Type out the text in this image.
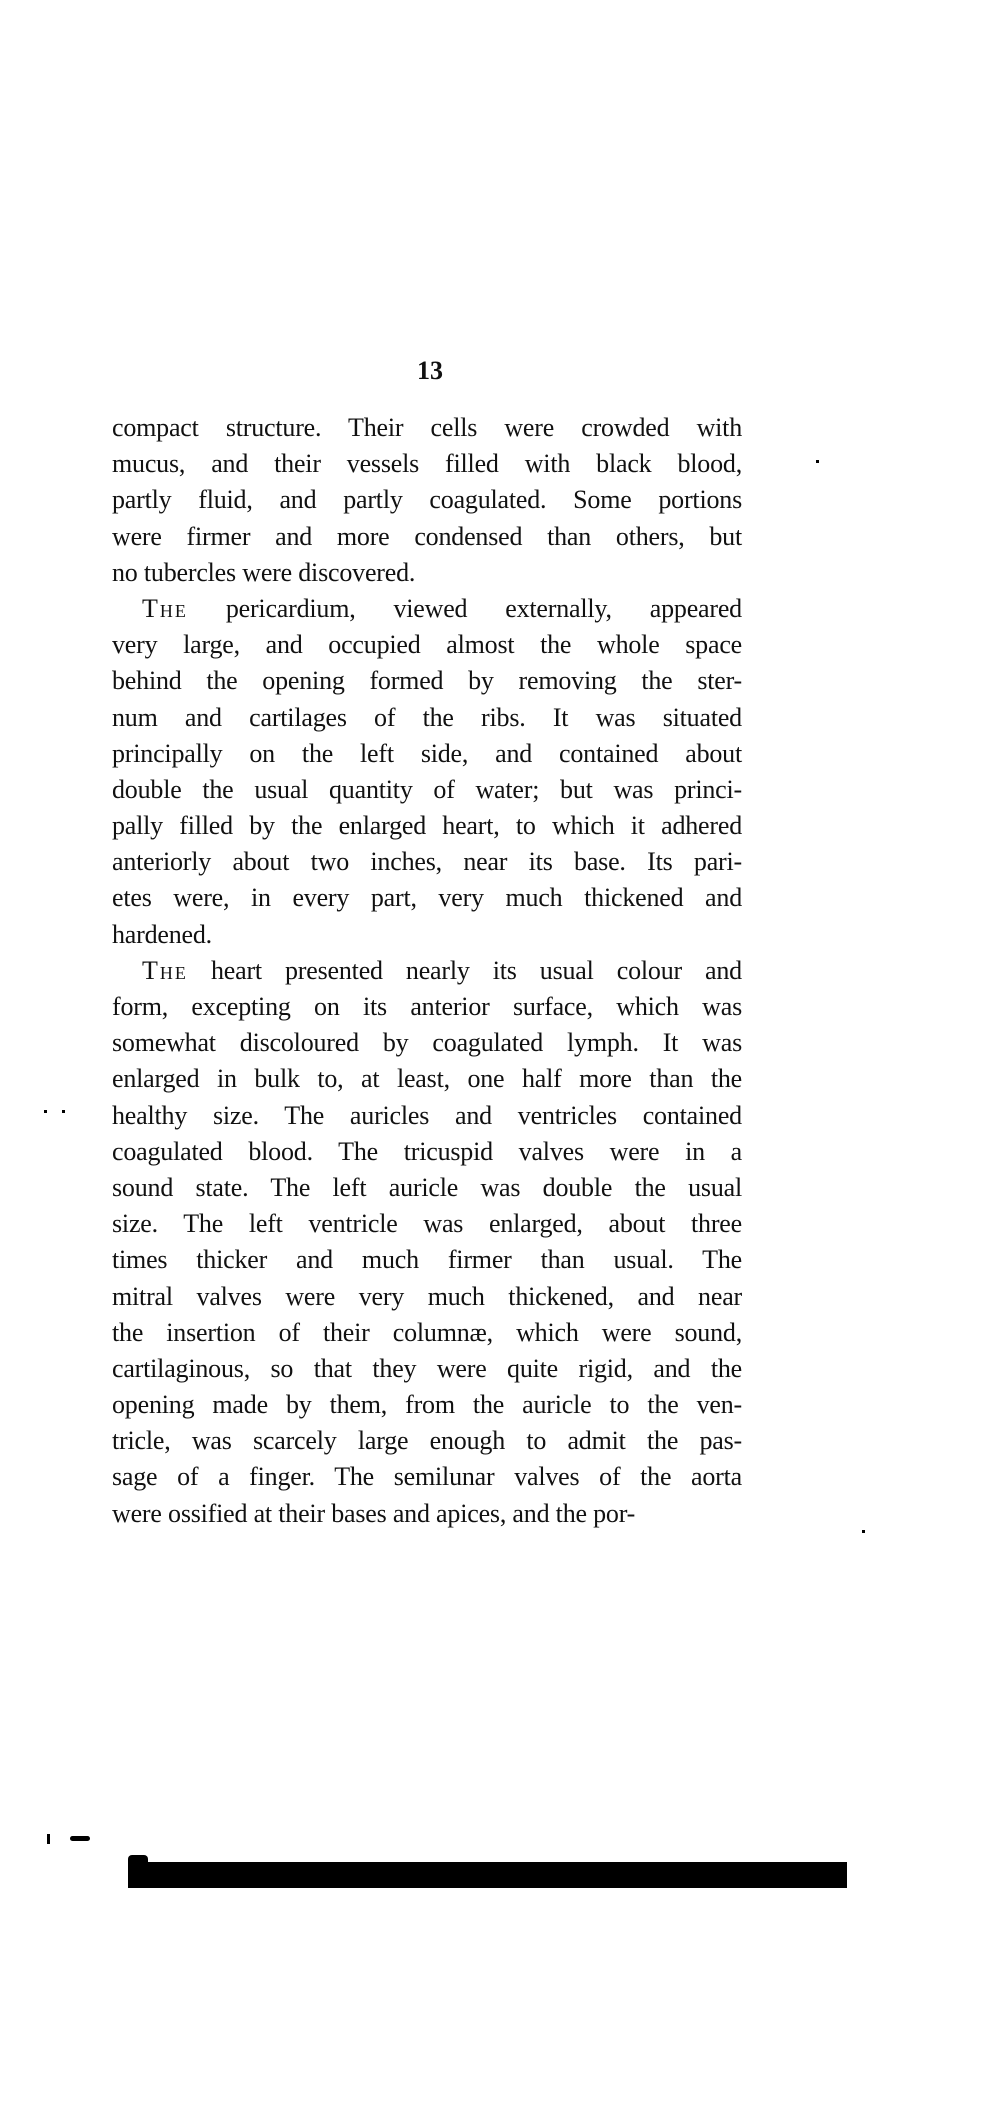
13
compact structure. Their cells were crowded with
mucus, and their vessels filled with black blood,
partly fluid, and partly coagulated. Some portions
were firmer and more condensed than others, but
no tubercles were discovered.
The pericardium, viewed externally, appeared
very large, and occupied almost the whole space
behind the opening formed by removing the ster-
num and cartilages of the ribs. It was situated
principally on the left side, and contained about
double the usual quantity of water; but was princi-
pally filled by the enlarged heart, to which it adhered
anteriorly about two inches, near its base. Its pari-
etes were, in every part, very much thickened and
hardened.
The heart presented nearly its usual colour and
form, excepting on its anterior surface, which was
somewhat discoloured by coagulated lymph. It was
enlarged in bulk to, at least, one half more than the
healthy size. The auricles and ventricles contained
coagulated blood. The tricuspid valves were in a
sound state. The left auricle was double the usual
size. The left ventricle was enlarged, about three
times thicker and much firmer than usual. The
mitral valves were very much thickened, and near
the insertion of their columnæ, which were sound,
cartilaginous, so that they were quite rigid, and the
opening made by them, from the auricle to the ven-
tricle, was scarcely large enough to admit the pas-
sage of a finger. The semilunar valves of the aorta
were ossified at their bases and apices, and the por-
